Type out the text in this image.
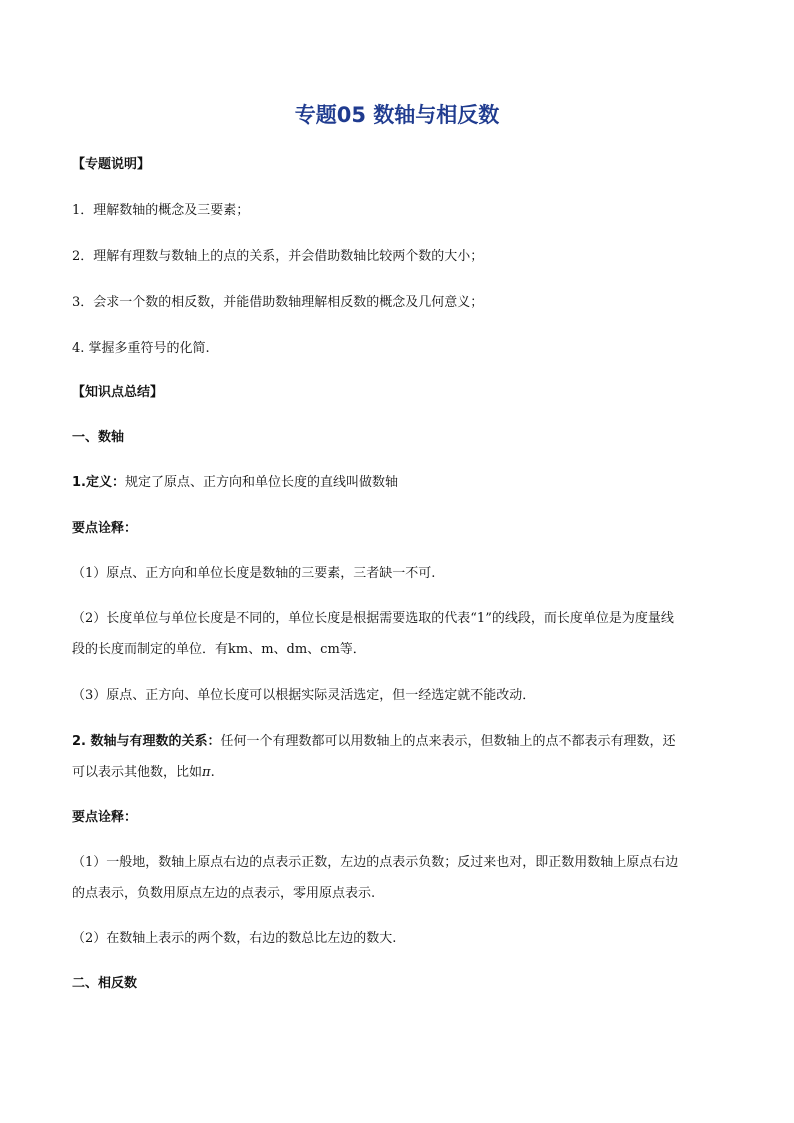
专题05 数轴与相反数
【专题说明】
1．理解数轴的概念及三要素；
2．理解有理数与数轴上的点的关系，并会借助数轴比较两个数的大小；
3．会求一个数的相反数，并能借助数轴理解相反数的概念及几何意义；
4. 掌握多重符号的化简.
【知识点总结】
一、数轴
1.定义：规定了原点、正方向和单位长度的直线叫做数轴
要点诠释：
（1）原点、正方向和单位长度是数轴的三要素，三者缺一不可.
（2）长度单位与单位长度是不同的，单位长度是根据需要选取的代表“1”的线段，而长度单位是为度量线
段的长度而制定的单位．有km、m、dm、cm等．
（3）原点、正方向、单位长度可以根据实际灵活选定，但一经选定就不能改动．
2. 数轴与有理数的关系：任何一个有理数都可以用数轴上的点来表示，但数轴上的点不都表示有理数，还
可以表示其他数，比如π.
要点诠释：
（1）一般地，数轴上原点右边的点表示正数，左边的点表示负数；反过来也对，即正数用数轴上原点右边
的点表示，负数用原点左边的点表示，零用原点表示.
（2）在数轴上表示的两个数，右边的数总比左边的数大.
二、相反数
